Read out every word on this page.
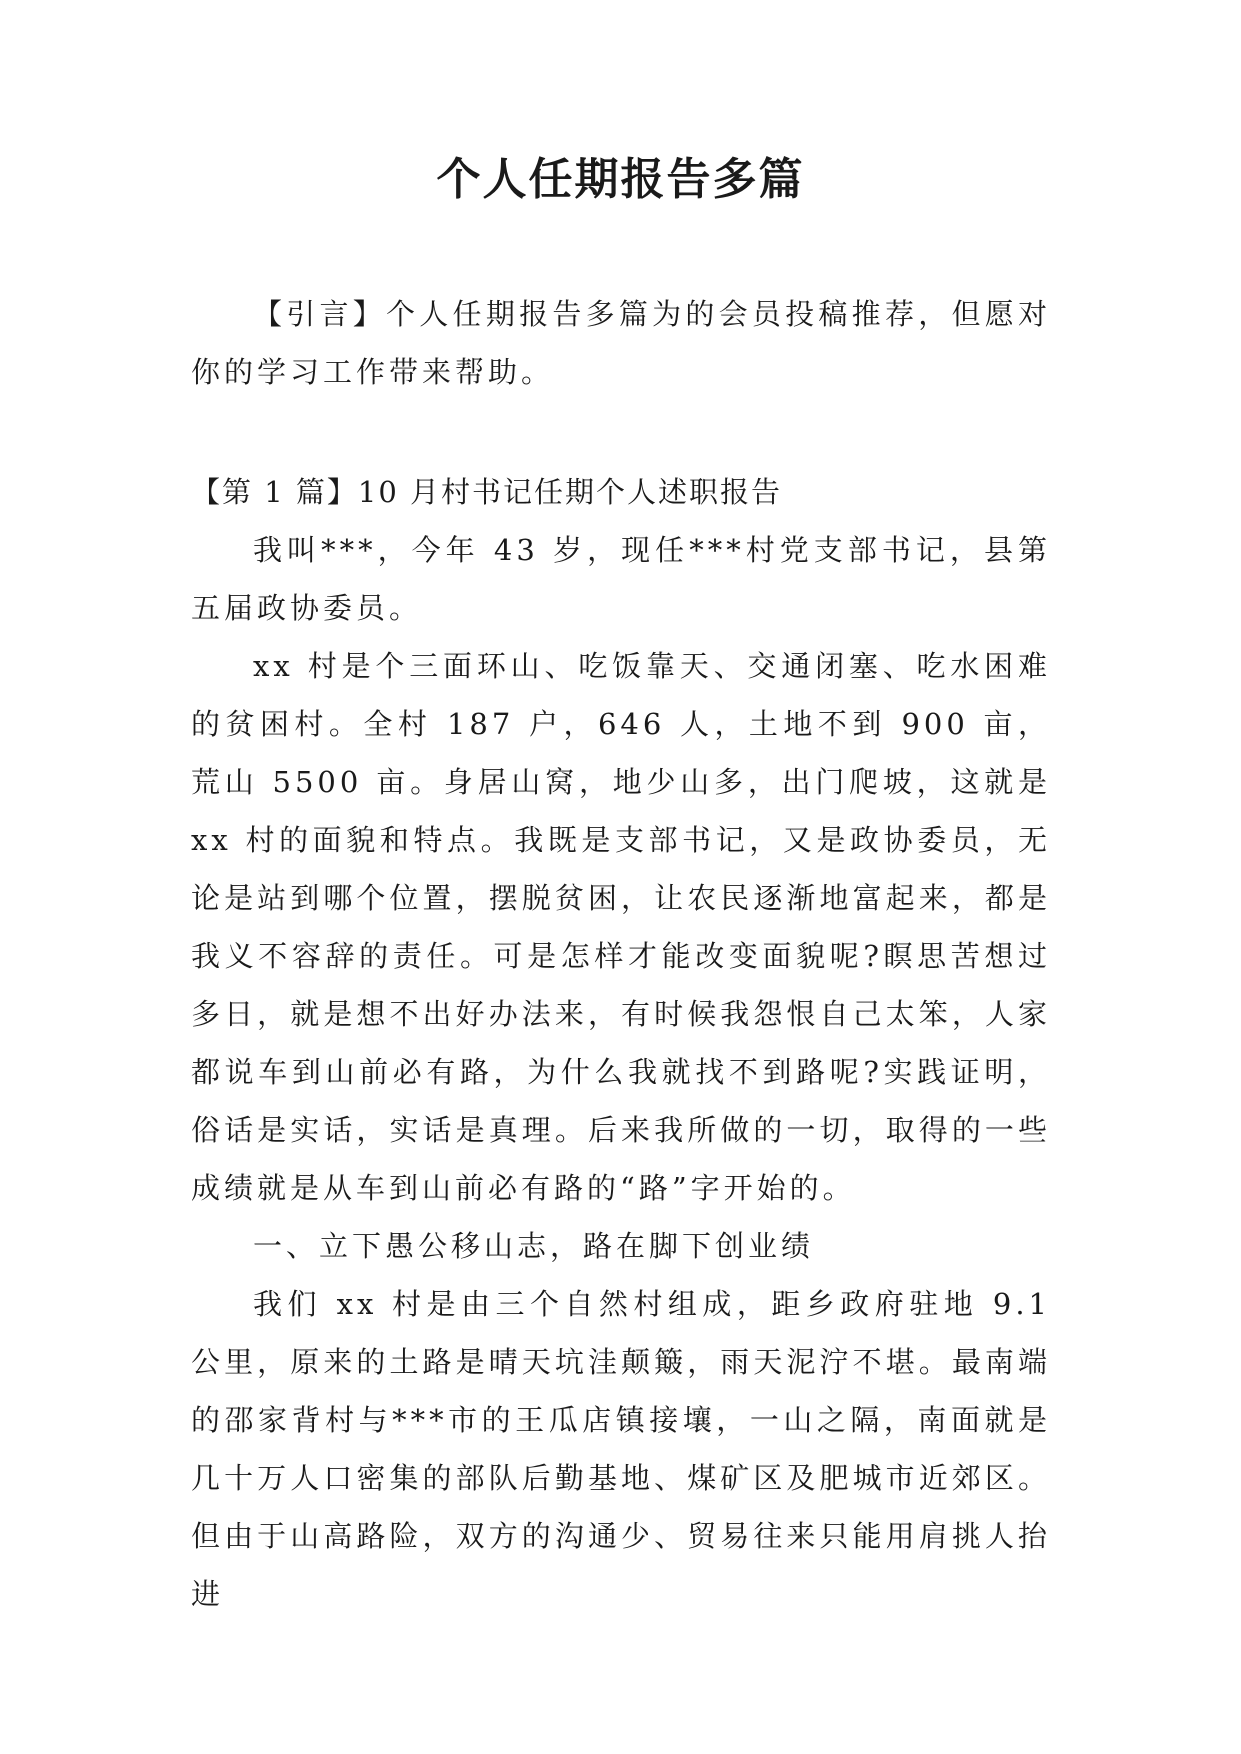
个人任期报告多篇

【引言】个人任期报告多篇为的会员投稿推荐，但愿对你的学习工作带来帮助。

【第 1 篇】10 月村书记任期个人述职报告

我叫***，今年 43 岁，现任***村党支部书记，县第五届政协委员。

xx 村是个三面环山、吃饭靠天、交通闭塞、吃水困难的贫困村。全村 187 户，646 人，土地不到 900 亩，荒山 5500 亩。身居山窝，地少山多，出门爬坡，这就是 xx 村的面貌和特点。我既是支部书记，又是政协委员，无论是站到哪个位置，摆脱贫困，让农民逐渐地富起来，都是我义不容辞的责任。可是怎样才能改变面貌呢?瞑思苦想过多日，就是想不出好办法来，有时候我怨恨自己太笨，人家都说车到山前必有路，为什么我就找不到路呢?实践证明，俗话是实话，实话是真理。后来我所做的一切，取得的一些成绩就是从车到山前必有路的“路”字开始的。

一、立下愚公移山志，路在脚下创业绩

我们 xx 村是由三个自然村组成，距乡政府驻地 9.1 公里，原来的土路是晴天坑洼颠簸，雨天泥泞不堪。最南端的邵家背村与***市的王瓜店镇接壤，一山之隔，南面就是几十万人口密集的部队后勤基地、煤矿区及肥城市近郊区。但由于山高路险，双方的沟通少、贸易往来只能用肩挑人抬进
